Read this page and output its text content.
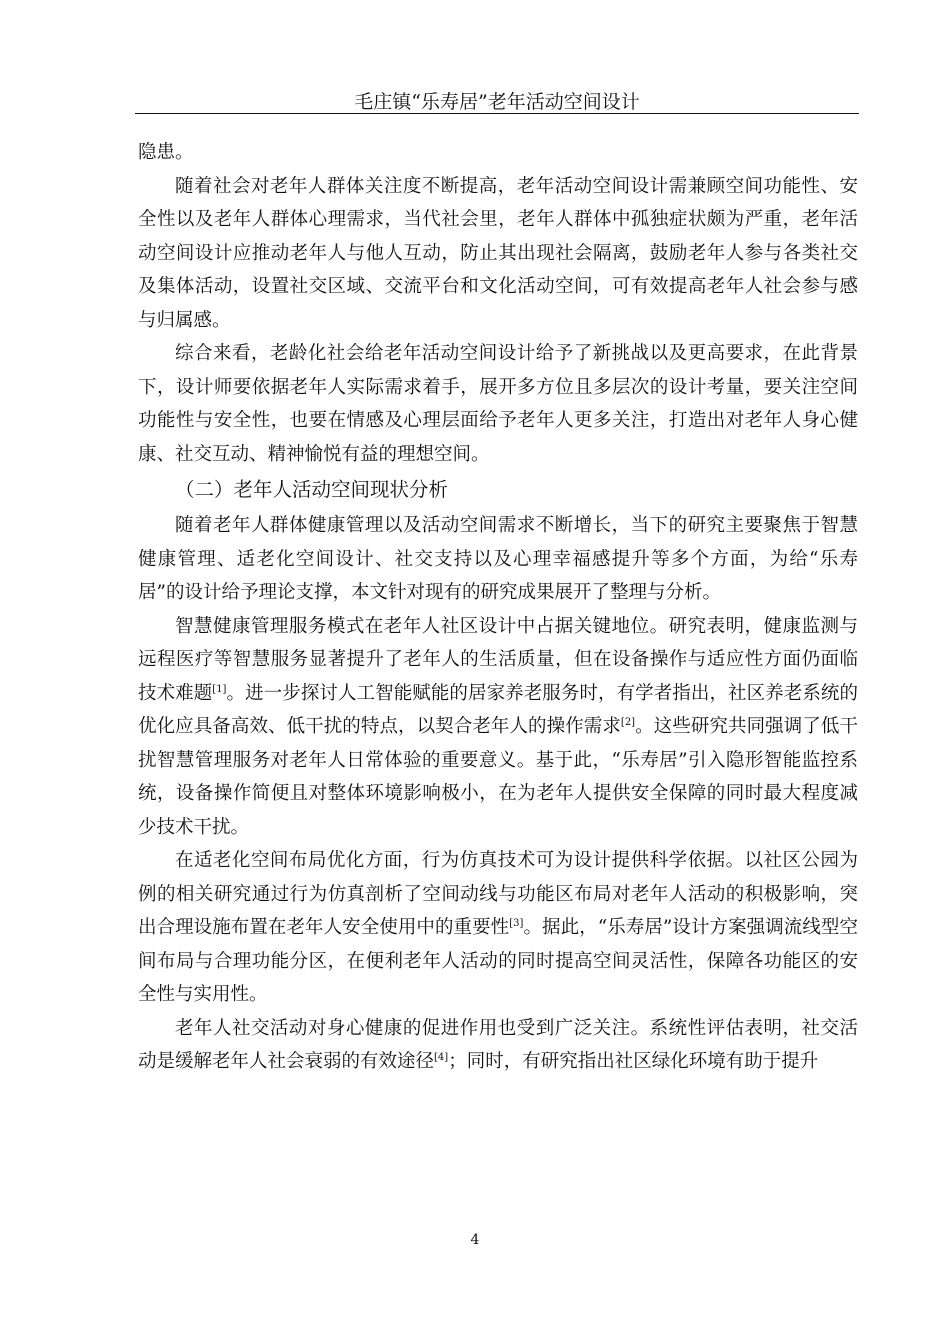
毛庄镇“乐寿居”老年活动空间设计

隐患。

随着社会对老年人群体关注度不断提高，老年活动空间设计需兼顾空间功能性、安全性以及老年人群体心理需求，当代社会里，老年人群体中孤独症状颇为严重，老年活动空间设计应推动老年人与他人互动，防止其出现社会隔离，鼓励老年人参与各类社交及集体活动，设置社交区域、交流平台和文化活动空间，可有效提高老年人社会参与感与归属感。

综合来看，老龄化社会给老年活动空间设计给予了新挑战以及更高要求，在此背景下，设计师要依据老年人实际需求着手，展开多方位且多层次的设计考量，要关注空间功能性与安全性，也要在情感及心理层面给予老年人更多关注，打造出对老年人身心健康、社交互动、精神愉悦有益的理想空间。

（二）老年人活动空间现状分析

随着老年人群体健康管理以及活动空间需求不断增长，当下的研究主要聚焦于智慧健康管理、适老化空间设计、社交支持以及心理幸福感提升等多个方面，为给“乐寿居”的设计给予理论支撑，本文针对现有的研究成果展开了整理与分析。

智慧健康管理服务模式在老年人社区设计中占据关键地位。研究表明，健康监测与远程医疗等智慧服务显著提升了老年人的生活质量，但在设备操作与适应性方面仍面临技术难题[1]。进一步探讨人工智能赋能的居家养老服务时，有学者指出，社区养老系统的优化应具备高效、低干扰的特点，以契合老年人的操作需求[2]。这些研究共同强调了低干扰智慧管理服务对老年人日常体验的重要意义。基于此，“乐寿居”引入隐形智能监控系统，设备操作简便且对整体环境影响极小，在为老年人提供安全保障的同时最大程度减少技术干扰。

在适老化空间布局优化方面，行为仿真技术可为设计提供科学依据。以社区公园为例的相关研究通过行为仿真剖析了空间动线与功能区布局对老年人活动的积极影响，突出合理设施布置在老年人安全使用中的重要性[3]。据此，“乐寿居”设计方案强调流线型空间布局与合理功能分区，在便利老年人活动的同时提高空间灵活性，保障各功能区的安全性与实用性。

老年人社交活动对身心健康的促进作用也受到广泛关注。系统性评估表明，社交活动是缓解老年人社会衰弱的有效途径[4]；同时，有研究指出社区绿化环境有助于提升

4
